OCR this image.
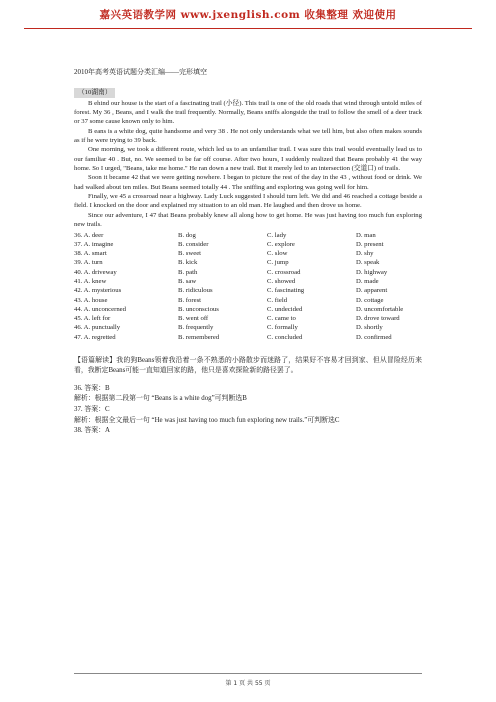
嘉兴英语教学网 www.jxenglish.com 收集整理 欢迎使用
2010年高考英语试题分类汇编——完形填空
（10湖南）

B ehind our house is the start of a fascinating trail (小径). This trail is one of the old roads that wind through untold miles of forest. My 36 , Beans, and I walk the trail frequently. Normally, Beans sniffs alongside the trail to follow the smell of a deer track or 37 some cause known only to him.

B eans is a white dog, quite handsome and very 38 . He not only understands what we tell him, but also often makes sounds as if he were trying to 39 back.

One morning, we took a different route, which led us to an unfamiliar trail. I was sure this trail would eventually lead us to our familiar 40 . But, no. We seemed to be far off course. After two hours, I suddenly realized that Beans probably 41 the way home. So I urged, "Beans, take me home." He ran down a new trail. But it merely led to an intersection (交道口) of trails.

Soon it became 42 that we were getting nowhere. I began to picture the rest of the day in the 43 , without food or drink. We had walked about ten miles. But Beans seemed totally 44 . The sniffing and exploring was going well for him.

Finally, we 45 a crossroad near a highway. Lady Luck suggested I should turn left. We did and 46 reached a cottage beside a field. I knocked on the door and explained my situation to an old man. He laughed and then drove us home.

Since our adventure, I 47 that Beans probably knew all along how to get home. He was just having too much fun exploring new trails.

36. A. deer	B. dog	C. lady	D. man
37. A. imagine	B. consider	C. explore	D. present
38. A. smart	B. sweet	C. slow	D. shy
39. A. turn	B. kick	C. jump	D. speak
40. A. driveway	B. path	C. crossroad	D. highway
41. A. knew	B. saw	C. showed	D. made
42. A. mysterious	B. ridiculous	C. fascinating	D. apparent
43. A. house	B. forest	C. field	D. cottage
44. A. unconcerned	B. unconscious	C. undecided	D. uncomfortable
45. A. left for	B. went off	C. came to	D. drove toward
46. A. punctually	B. frequently	C. formally	D. shortly
47. A. regretted	B. remembered	C. concluded	D. confirmed

【语篇解读】我的狗Beans领着我沿着一条不熟悉的小路散步而迷路了，结果好不容易才回到家、但从冒险经历来看，我断定Beans可能一直知道回家的路，他只是喜欢探险新的路径罢了。

36. 答案：B

解析：根据第二段第一句 “Beans is a white dog”可判断选B

37. 答案：C

解析：根据全文最后一句 “He was just having too much fun exploring new trails.”可判断选C

38. 答案：A

第 1 页 共 55 页
